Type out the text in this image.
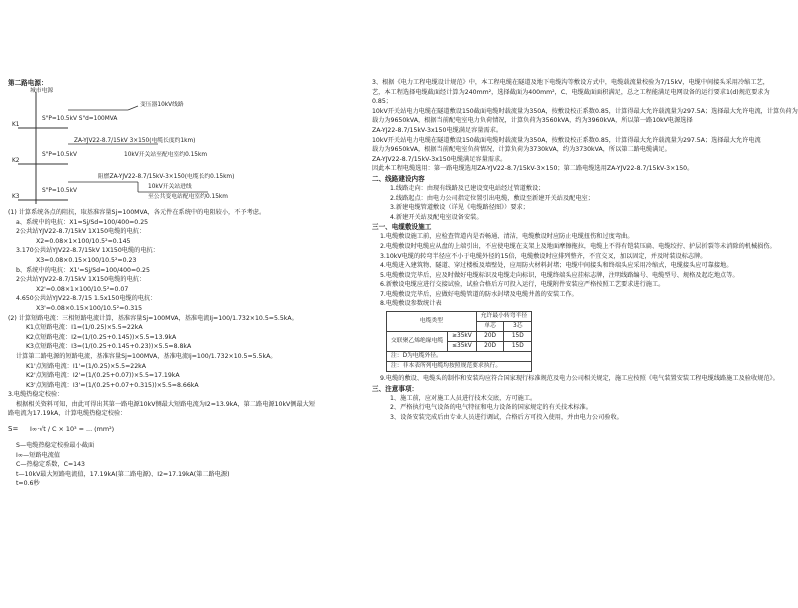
第二路电源：
城市电源
K1
S"P=10.5kV S"d=100MVA
变压器10kV线路
ZA-YJV22-8.7/15kV 3×150(电缆长度约1km)
K2
S"P=10.5kV	10kV开关站至配电室约0.15km
阻燃ZA-YJV22-8.7/15kV-3×150(电缆长约0.15km)
K3
S"P=10.5kV
10kV开关站进线
至公共变电站配电室约0.15km
(1) 计算系统各点的阻抗，取基准容量Sj=100MVA，各元件在系统中的电阻较小，不予考虑。
a、系统中的电抗：X1=Sj/Sd=100/400=0.25
2公共站YJV22-8.7/15kV 1X150电缆的电抗：
X2=0.08×1×100/10.5²=0.145
3.170公共站YJV22-8.7/15kV 1X150电缆的电抗：
X3=0.08×0.15×100/10.5²=0.23
b、系统中的电抗：X1'=Sj/Sd=100/400=0.25
2公共站YJV22-8.7/15kV 1X150电缆的电抗：
X2'=0.08×1×100/10.5²=0.07
4.650公共站YJV22-8.7/15 1.5x150电缆的电抗：
X3'=0.08×0.15×100/10.5²=0.315
(2) 计算短路电流：三相短路电流计算，基准容量Sj=100MVA，基准电流Ij=100/1.732×10.5=5.5kA。
K1点短路电流：I1=(1/0.25)×5.5=22kA
K2点短路电流：I2=(1/(0.25+0.145))×5.5=13.9kA
K3点短路电流：I3=(1/(0.25+0.145+0.23))×5.5=8.8kA
计算第二路电源的短路电流，基准容量Sj=100MVA，基准电流Ij=100/1.732×10.5=5.5kA。
K1'点短路电流：I1'=(1/0.25)×5.5=22kA
K2'点短路电流：I2'=(1/(0.25+0.07))×5.5=17.19kA
K3'点短路电流：I3'=(1/(0.25+0.07+0.315))×5.5=8.66kA
3.电缆热稳定校验：
根据相关资料可知，由此可得出其第一路电源10kV侧最大短路电流为I2=13.9kA，第二路电源10kV侧最大短
路电流为17.19kA，计算电缆热稳定校验：
S= I∞·√t / C × 10³ = ... (mm²)
S—电缆热稳定校验最小截面
I∞—短路电流值
C—热稳定系数，C=143
t—10kV最大短路电流值，17.19kA(第二路电源)、I2=17.19kA(第二路电源)
t=0.6秒
3、根据《电力工程电缆设计规范》中，本工程电缆在隧道及地下电缆沟等敷设方式中，电缆载流量校验为7/15kV，电缆中间接头采用冷缩工艺，
艺，本工程选择电缆截面经计算为240mm²，选择截面为400mm²，C、电缆截面面积满足，总之工程能满足电网设备的运行要求1(d)规范要求为
0.85；
10kV开关站电力电缆在隧道敷设150截面电缆时载流量为350A，按敷设校正系数0.85，计算得最大允许载流量为297.5A；选择最大允许电流，计算负荷为
载力为9650kVA，根据当前配电室电力负荷情况，计算负荷为3560kVA，约为3960kVA，所以第一路10kV电源选择
ZA-YJ22-8.7/15kV-3x150电缆满足容量需求。
10kV开关站电力电缆在隧道敷设150截面电缆时载流量为350A，按敷设校正系数0.85，计算得最大允许载流量为297.5A；选择最大允许电流
载力为9650kVA，根据当前配电室负荷情况，计算负荷为3730kVA，约为3730kVA，所以第二路电缆满足。
ZA-YJV22-8.7/15kV-3x150电缆满足容量需求。
因此本工程电缆选用：第一路电缆选用ZA-YJV22-8.7/15kV-3×150；第二路电缆选用ZA-YJV22-8.7/15kV-3×150。
二、线路建设内容
1.线路走向：由现有线路及已建设变电站经过管道敷设；
2.线路起点：由电力公司指定位置引出电缆，敷设至新建开关站及配电室；
3.新建电缆管道敷设（详见《电缆路径图》）要求；
4.新建开关站及配电室设备安装。
三一、电缆敷设施工
1.电缆敷设施工前，应检查管道内是否畅通、清洁，电缆敷设时应防止电缆扭伤和过度弯曲。
2.电缆敷设时电缆应从盘的上端引出，不应使电缆在支架上及地面摩擦拖拉，电缆上不得有铠装压扁、电缆绞拧、护层折裂等未消除的机械损伤。
3.10kV电缆的转弯半径应不小于电缆外径的15倍，电缆敷设时应排列整齐，不宜交叉，加以固定，并及时装设标志牌。
4.电缆进入建筑物、隧道、穿过楼板及墙壁处，应用防火材料封堵；电缆中间接头和终端头应采用冷缩式，电缆接头应可靠接地。
5.电缆敷设完毕后，应及时做好电缆标识及电缆走向标识，电缆终端头应挂标志牌，注明线路编号、电缆型号、规格及起讫地点等。
6.新敷设电缆应进行交接试验，试验合格后方可投入运行，电缆附件安装应严格按照工艺要求进行施工。
7.电缆敷设完毕后，应做好电缆管道的防水封堵及电缆井盖的安装工作。
8.电缆敷设参数统计表
电缆类型		允许最小转弯半径	
		单芯	3芯
交联聚乙烯绝缘电缆	≥35kV	20D	15D
	≤35kV	20D	15D
注：D为电缆外径。			
注：非本表所列电缆均按照规范要求执行。			
9.电缆的敷设、电缆头的制作和安装均应符合国家现行标准规范及电力公司相关规定，施工应按照《电气装置安装工程电缆线路施工及验收规范》。
三、注意事项：
1、施工前，应对施工人员进行技术交底，方可施工。
2、严格执行电气设备的电气特征和电力设备的国家规定的有关技术标准。
3、设备安装完成后由专业人员进行调试，合格后方可投入使用，并由电力公司验收。
